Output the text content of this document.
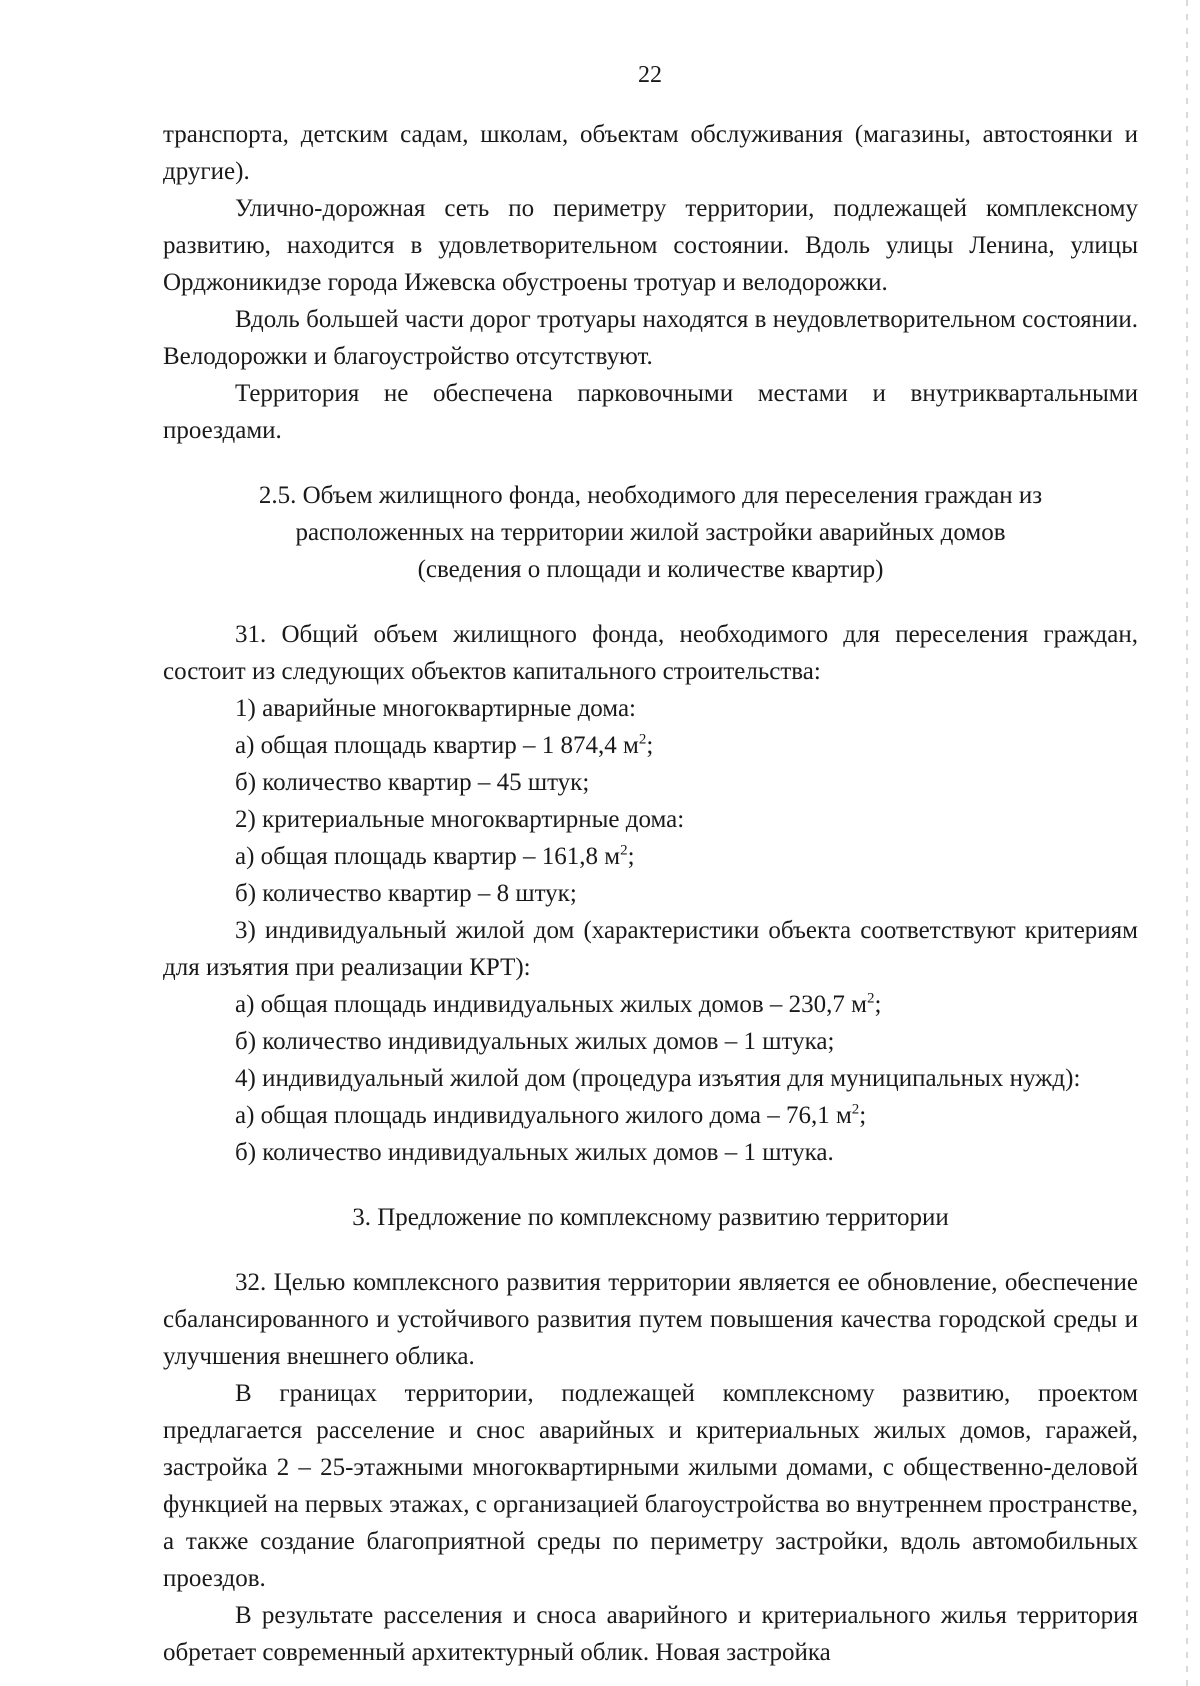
22

транспорта, детским садам, школам, объектам обслуживания (магазины, автостоянки и другие).

Улично-дорожная сеть по периметру территории, подлежащей комплексному развитию, находится в удовлетворительном состоянии. Вдоль улицы Ленина, улицы Орджоникидзе города Ижевска обустроены тротуар и велодорожки.

Вдоль большей части дорог тротуары находятся в неудовлетворительном состоянии. Велодорожки и благоустройство отсутствуют.

Территория не обеспечена парковочными местами и внутриквартальными проездами.

2.5. Объем жилищного фонда, необходимого для переселения граждан из

расположенных на территории жилой застройки аварийных домов

(сведения о площади и количестве квартир)

31. Общий объем жилищного фонда, необходимого для переселения граждан, состоит из следующих объектов капитального строительства:

1) аварийные многоквартирные дома:

а) общая площадь квартир – 1 874,4 $м^2$;

б) количество квартир – 45 штук;

2) критериальные многоквартирные дома:

а) общая площадь квартир – 161,8 $м^2$;

б) количество квартир – 8 штук;

3) индивидуальный жилой дом (характеристики объекта соответствуют критериям для изъятия при реализации КРТ):

а) общая площадь индивидуальных жилых домов – 230,7 $м^2$;

б) количество индивидуальных жилых домов – 1 штука;

4) индивидуальный жилой дом (процедура изъятия для муниципальных нужд):

а) общая площадь индивидуального жилого дома – 76,1 $м^2$;

б) количество индивидуальных жилых домов – 1 штука.

3. Предложение по комплексному развитию территории

32. Целью комплексного развития территории является ее обновление, обеспечение сбалансированного и устойчивого развития путем повышения качества городской среды и улучшения внешнего облика.

В границах территории, подлежащей комплексному развитию, проектом предлагается расселение и снос аварийных и критериальных жилых домов, гаражей, застройка 2 – 25-этажными многоквартирными жилыми домами, с общественно-деловой функцией на первых этажах, с организацией благоустройства во внутреннем пространстве, а также создание благоприятной среды по периметру застройки, вдоль автомобильных проездов.

В результате расселения и сноса аварийного и критериального жилья территория обретает современный архитектурный облик. Новая застройка
